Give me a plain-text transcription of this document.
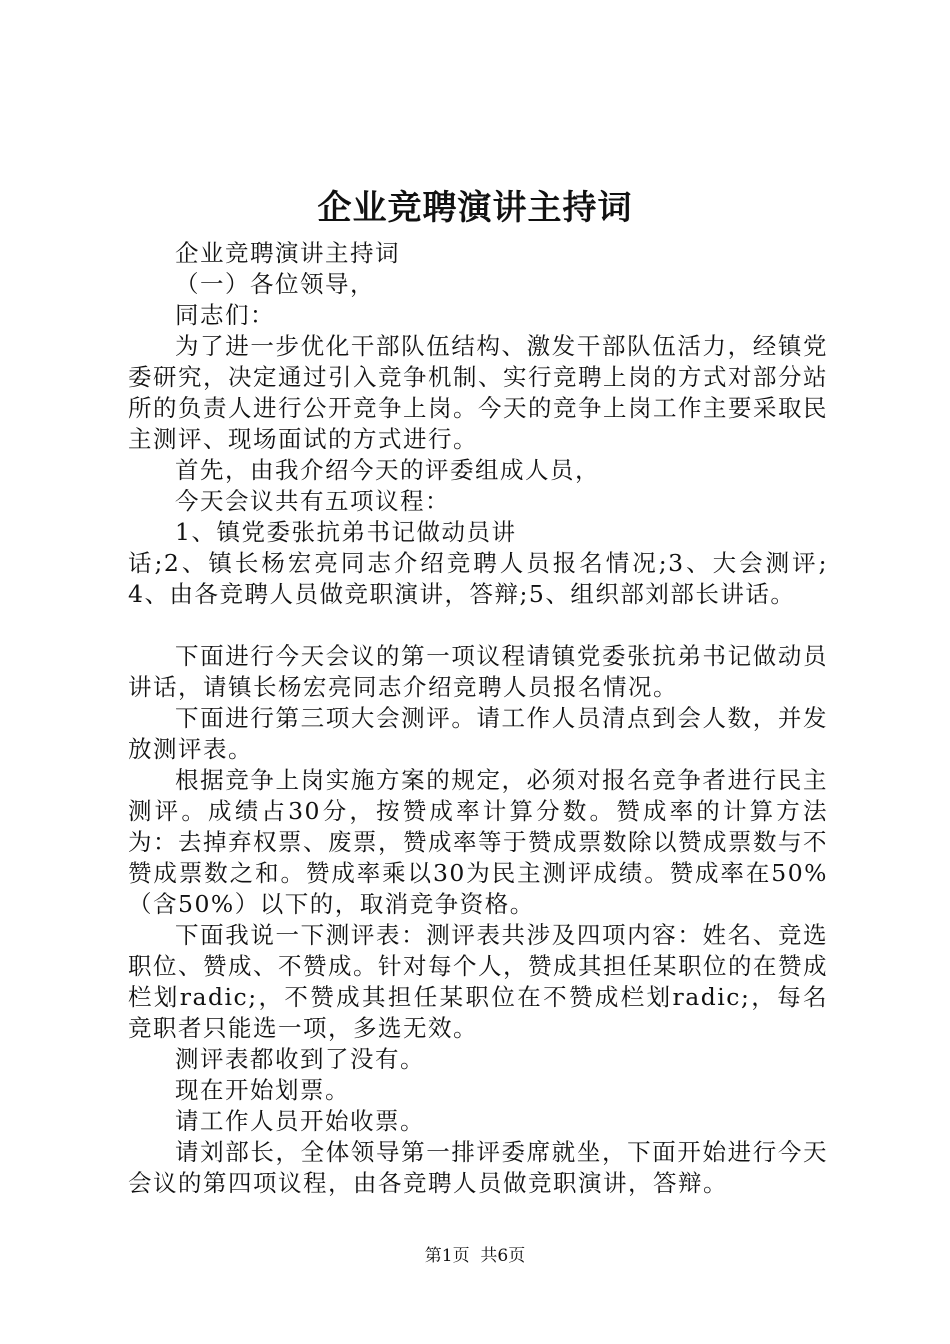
企业竞聘演讲主持词

企业竞聘演讲主持词

（一）各位领导，

同志们：

为了进一步优化干部队伍结构、激发干部队伍活力，经镇党委研究，决定通过引入竞争机制、实行竞聘上岗的方式对部分站所的负责人进行公开竞争上岗。今天的竞争上岗工作主要采取民主测评、现场面试的方式进行。

首先，由我介绍今天的评委组成人员，

今天会议共有五项议程：

1、镇党委张抗弟书记做动员讲

话;2、镇长杨宏亮同志介绍竞聘人员报名情况;3、大会测评;4、由各竞聘人员做竞职演讲，答辩;5、组织部刘部长讲话。

下面进行今天会议的第一项议程请镇党委张抗弟书记做动员讲话，请镇长杨宏亮同志介绍竞聘人员报名情况。

下面进行第三项大会测评。请工作人员清点到会人数，并发放测评表。

根据竞争上岗实施方案的规定，必须对报名竞争者进行民主测评。成绩占30分，按赞成率计算分数。赞成率的计算方法为：去掉弃权票、废票，赞成率等于赞成票数除以赞成票数与不赞成票数之和。赞成率乘以30为民主测评成绩。赞成率在50%（含50%）以下的，取消竞争资格。

下面我说一下测评表：测评表共涉及四项内容：姓名、竞选职位、赞成、不赞成。针对每个人，赞成其担任某职位的在赞成栏划radic;，不赞成其担任某职位在不赞成栏划radic;，每名竞职者只能选一项，多选无效。

测评表都收到了没有。

现在开始划票。

请工作人员开始收票。

请刘部长，全体领导第一排评委席就坐，下面开始进行今天会议的第四项议程，由各竞聘人员做竞职演讲，答辩。

第1页  共6页
